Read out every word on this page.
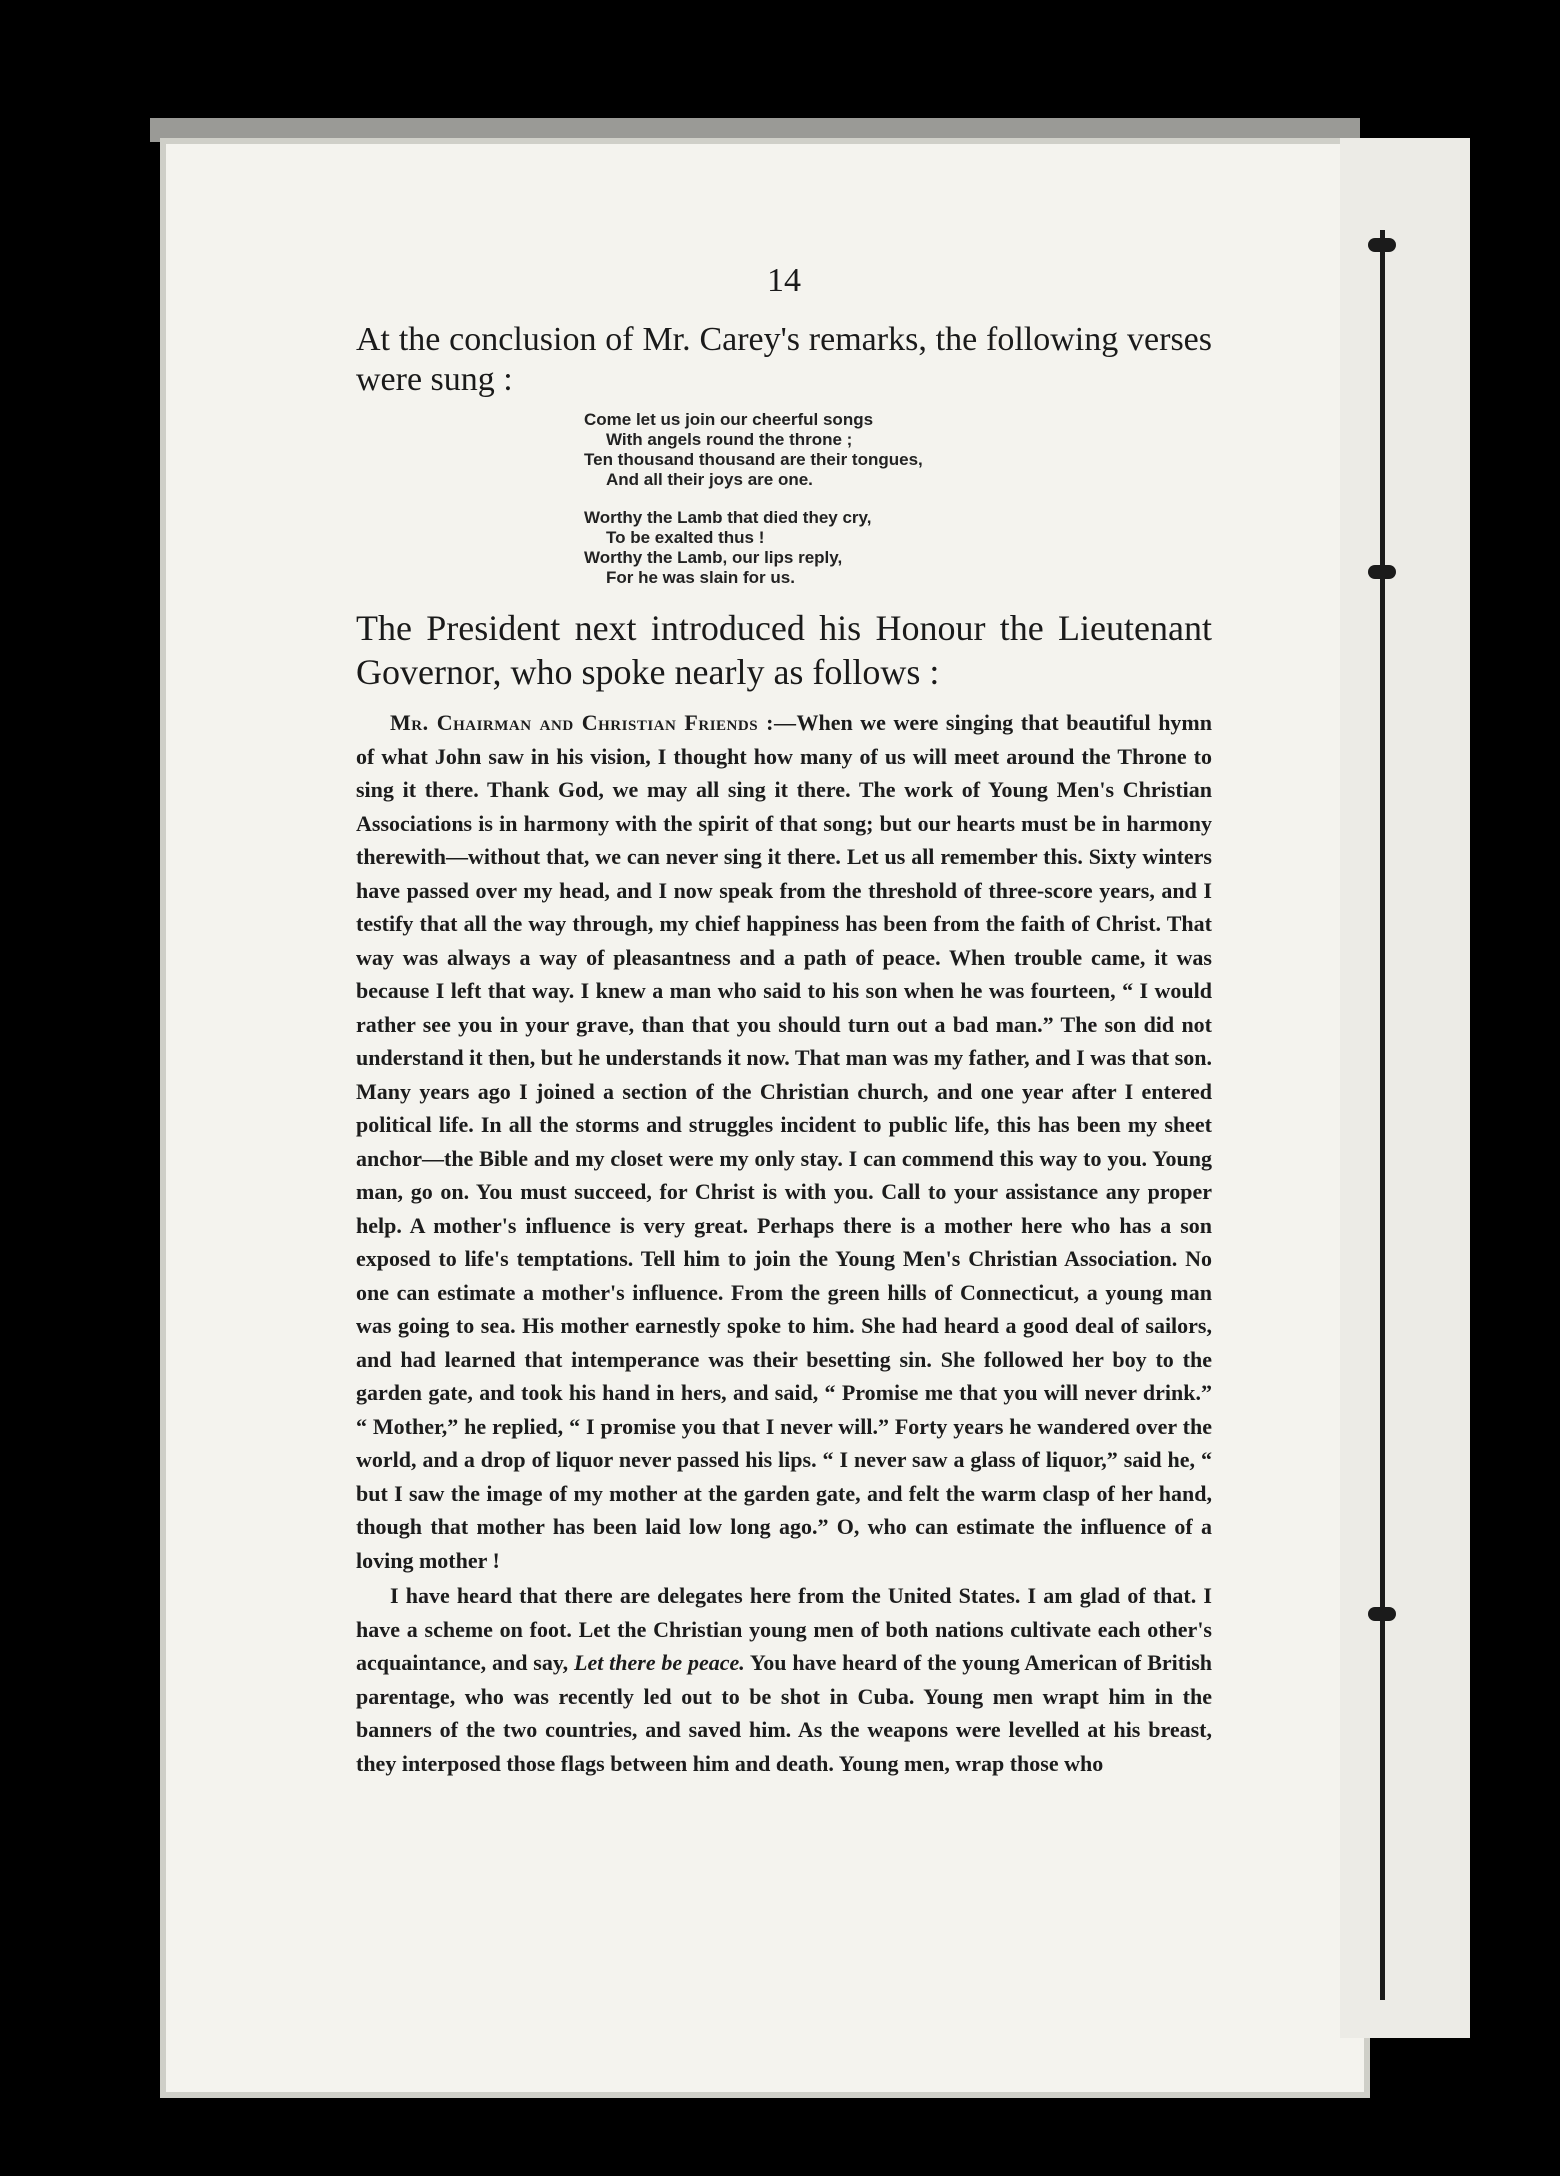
14

At the conclusion of Mr. Carey's remarks, the following verses were sung :

Come let us join our cheerful songs
With angels round the throne ;
Ten thousand thousand are their tongues,
And all their joys are one.
Worthy the Lamb that died they cry,
To be exalted thus !
Worthy the Lamb, our lips reply,
For he was slain for us.

The President next introduced his Honour the Lieutenant Governor, who spoke nearly as follows :

Mr. Chairman and Christian Friends :—When we were singing that beautiful hymn of what John saw in his vision, I thought how many of us will meet around the Throne to sing it there. Thank God, we may all sing it there. The work of Young Men's Christian Associations is in harmony with the spirit of that song; but our hearts must be in harmony therewith—without that, we can never sing it there. Let us all remember this. Sixty winters have passed over my head, and I now speak from the threshold of three-score years, and I testify that all the way through, my chief happiness has been from the faith of Christ. That way was always a way of pleasantness and a path of peace. When trouble came, it was because I left that way. I knew a man who said to his son when he was fourteen, “ I would rather see you in your grave, than that you should turn out a bad man.” The son did not understand it then, but he understands it now. That man was my father, and I was that son. Many years ago I joined a section of the Christian church, and one year after I entered political life. In all the storms and struggles incident to public life, this has been my sheet anchor—the Bible and my closet were my only stay. I can commend this way to you. Young man, go on. You must succeed, for Christ is with you. Call to your assistance any proper help. A mother's influence is very great. Perhaps there is a mother here who has a son exposed to life's temptations. Tell him to join the Young Men's Christian Association. No one can estimate a mother's influence. From the green hills of Connecticut, a young man was going to sea. His mother earnestly spoke to him. She had heard a good deal of sailors, and had learned that intemperance was their besetting sin. She followed her boy to the garden gate, and took his hand in hers, and said, “ Promise me that you will never drink.” “ Mother,” he replied, “ I promise you that I never will.” Forty years he wandered over the world, and a drop of liquor never passed his lips. “ I never saw a glass of liquor,” said he, “ but I saw the image of my mother at the garden gate, and felt the warm clasp of her hand, though that mother has been laid low long ago.” O, who can estimate the influence of a loving mother !

I have heard that there are delegates here from the United States. I am glad of that. I have a scheme on foot. Let the Christian young men of both nations cultivate each other's acquaintance, and say, Let there be peace. You have heard of the young American of British parentage, who was recently led out to be shot in Cuba. Young men wrapt him in the banners of the two countries, and saved him. As the weapons were levelled at his breast, they interposed those flags between him and death. Young men, wrap those who
